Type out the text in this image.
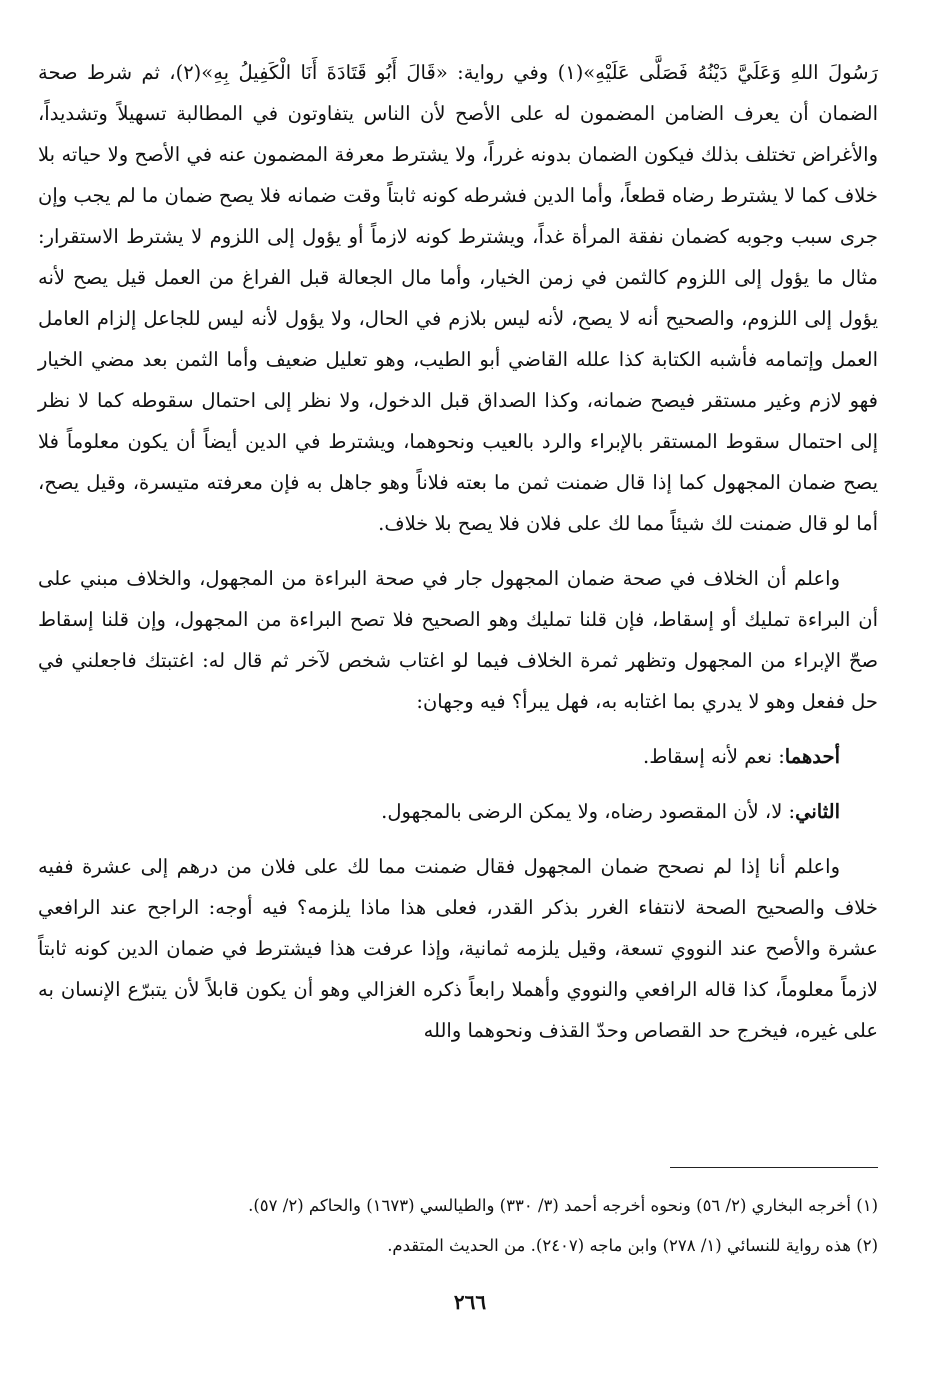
رَسُولَ اللهِ وَعَلَيَّ دَيْنُهُ فَصَلَّى عَلَيْهِ»(١) وفي رواية: «قَالَ أَبُو قَتَادَةَ أَنَا الْكَفِيلُ بِهِ»(٢)، ثم شرط صحة الضمان أن يعرف الضامن المضمون له على الأصح لأن الناس يتفاوتون في المطالبة تسهيلاً وتشديداً، والأغراض تختلف بذلك فيكون الضمان بدونه غرراً، ولا يشترط معرفة المضمون عنه في الأصح ولا حياته بلا خلاف كما لا يشترط رضاه قطعاً، وأما الدين فشرطه كونه ثابتاً وقت ضمانه فلا يصح ضمان ما لم يجب وإن جرى سبب وجوبه كضمان نفقة المرأة غداً، ويشترط كونه لازماً أو يؤول إلى اللزوم لا يشترط الاستقرار: مثال ما يؤول إلى اللزوم كالثمن في زمن الخيار، وأما مال الجعالة قبل الفراغ من العمل قيل يصح لأنه يؤول إلى اللزوم، والصحيح أنه لا يصح، لأنه ليس بلازم في الحال، ولا يؤول لأنه ليس للجاعل إلزام العامل العمل وإتمامه فأشبه الكتابة كذا علله القاضي أبو الطيب، وهو تعليل ضعيف وأما الثمن بعد مضي الخيار فهو لازم وغير مستقر فيصح ضمانه، وكذا الصداق قبل الدخول، ولا نظر إلى احتمال سقوطه كما لا نظر إلى احتمال سقوط المستقر بالإبراء والرد بالعيب ونحوهما، ويشترط في الدين أيضاً أن يكون معلوماً فلا يصح ضمان المجهول كما إذا قال ضمنت ثمن ما بعته فلاناً وهو جاهل به فإن معرفته متيسرة، وقيل يصح، أما لو قال ضمنت لك شيئاً مما لك على فلان فلا يصح بلا خلاف.

واعلم أن الخلاف في صحة ضمان المجهول جار في صحة البراءة من المجهول، والخلاف مبني على أن البراءة تمليك أو إسقاط، فإن قلنا تمليك وهو الصحيح فلا تصح البراءة من المجهول، وإن قلنا إسقاط صحّ الإبراء من المجهول وتظهر ثمرة الخلاف فيما لو اغتاب شخص لآخر ثم قال له: اغتبتك فاجعلني في حل ففعل وهو لا يدري بما اغتابه به، فهل يبرأ؟ فيه وجهان:

أحدهما: نعم لأنه إسقاط.

الثاني: لا، لأن المقصود رضاه، ولا يمكن الرضى بالمجهول.

واعلم أنا إذا لم نصحح ضمان المجهول فقال ضمنت مما لك على فلان من درهم إلى عشرة ففيه خلاف والصحيح الصحة لانتفاء الغرر بذكر القدر، فعلى هذا ماذا يلزمه؟ فيه أوجه: الراجح عند الرافعي عشرة والأصح عند النووي تسعة، وقيل يلزمه ثمانية، وإذا عرفت هذا فيشترط في ضمان الدين كونه ثابتاً لازماً معلوماً، كذا قاله الرافعي والنووي وأهملا رابعاً ذكره الغزالي وهو أن يكون قابلاً لأن يتبرّع الإنسان به على غيره، فيخرج حد القصاص وحدّ القذف ونحوهما والله

(١) أخرجه البخاري (٢/ ٥٦) ونحوه أخرجه أحمد (٣/ ٣٣٠) والطيالسي (١٦٧٣) والحاكم (٢/ ٥٧).

(٢) هذه رواية للنسائي (١/ ٢٧٨) وابن ماجه (٢٤٠٧). من الحديث المتقدم.

٢٦٦
